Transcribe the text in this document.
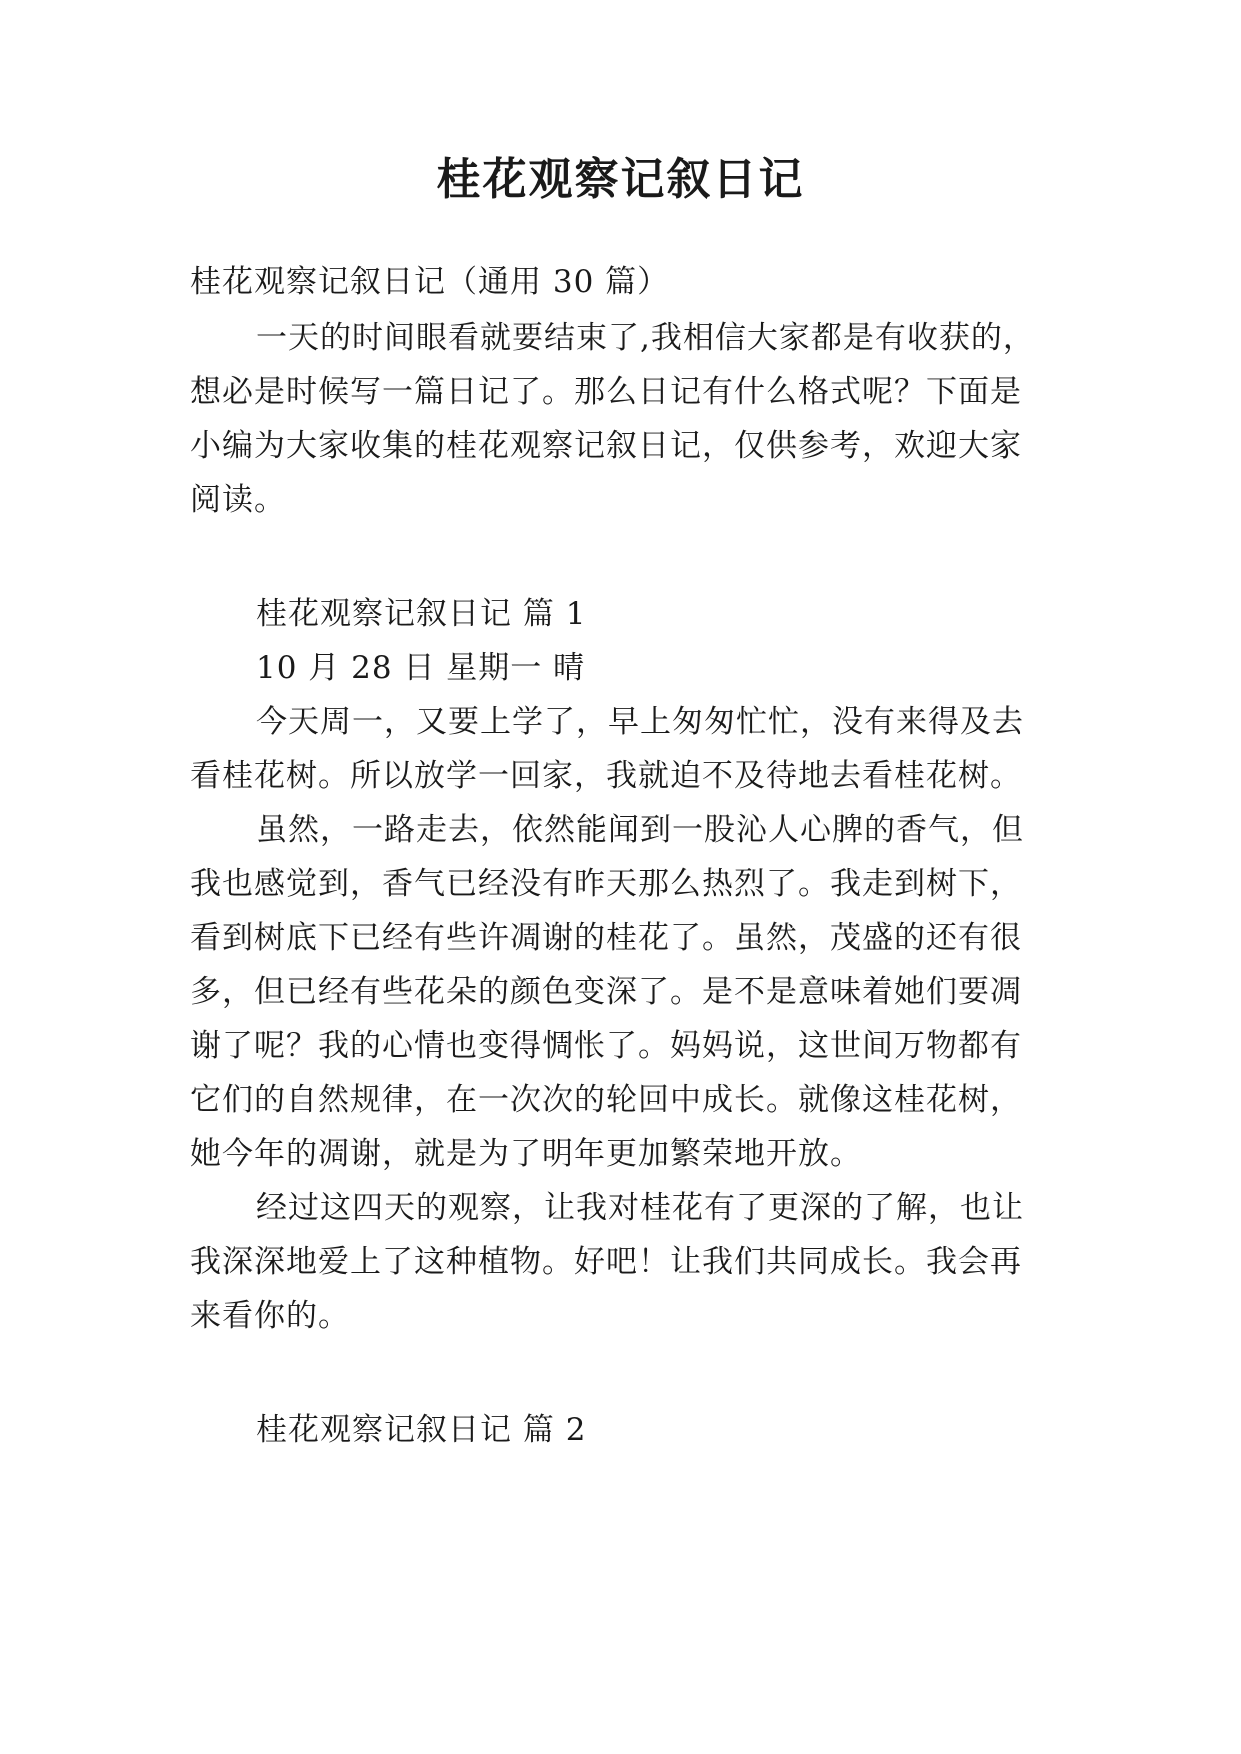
桂花观察记叙日记
桂花观察记叙日记（通用 30 篇）
一天的时间眼看就要结束了,我相信大家都是有收获的，
想必是时候写一篇日记了。那么日记有什么格式呢？下面是
小编为大家收集的桂花观察记叙日记，仅供参考，欢迎大家
阅读。
桂花观察记叙日记 篇 1
10 月 28 日 星期一 晴
今天周一，又要上学了，早上匆匆忙忙，没有来得及去
看桂花树。所以放学一回家，我就迫不及待地去看桂花树。
虽然，一路走去，依然能闻到一股沁人心脾的香气，但
我也感觉到，香气已经没有昨天那么热烈了。我走到树下，
看到树底下已经有些许凋谢的桂花了。虽然，茂盛的还有很
多，但已经有些花朵的颜色变深了。是不是意味着她们要凋
谢了呢？我的心情也变得惆怅了。妈妈说，这世间万物都有
它们的自然规律，在一次次的轮回中成长。就像这桂花树，
她今年的凋谢，就是为了明年更加繁荣地开放。
经过这四天的观察，让我对桂花有了更深的了解，也让
我深深地爱上了这种植物。好吧！让我们共同成长。我会再
来看你的。
桂花观察记叙日记 篇 2
